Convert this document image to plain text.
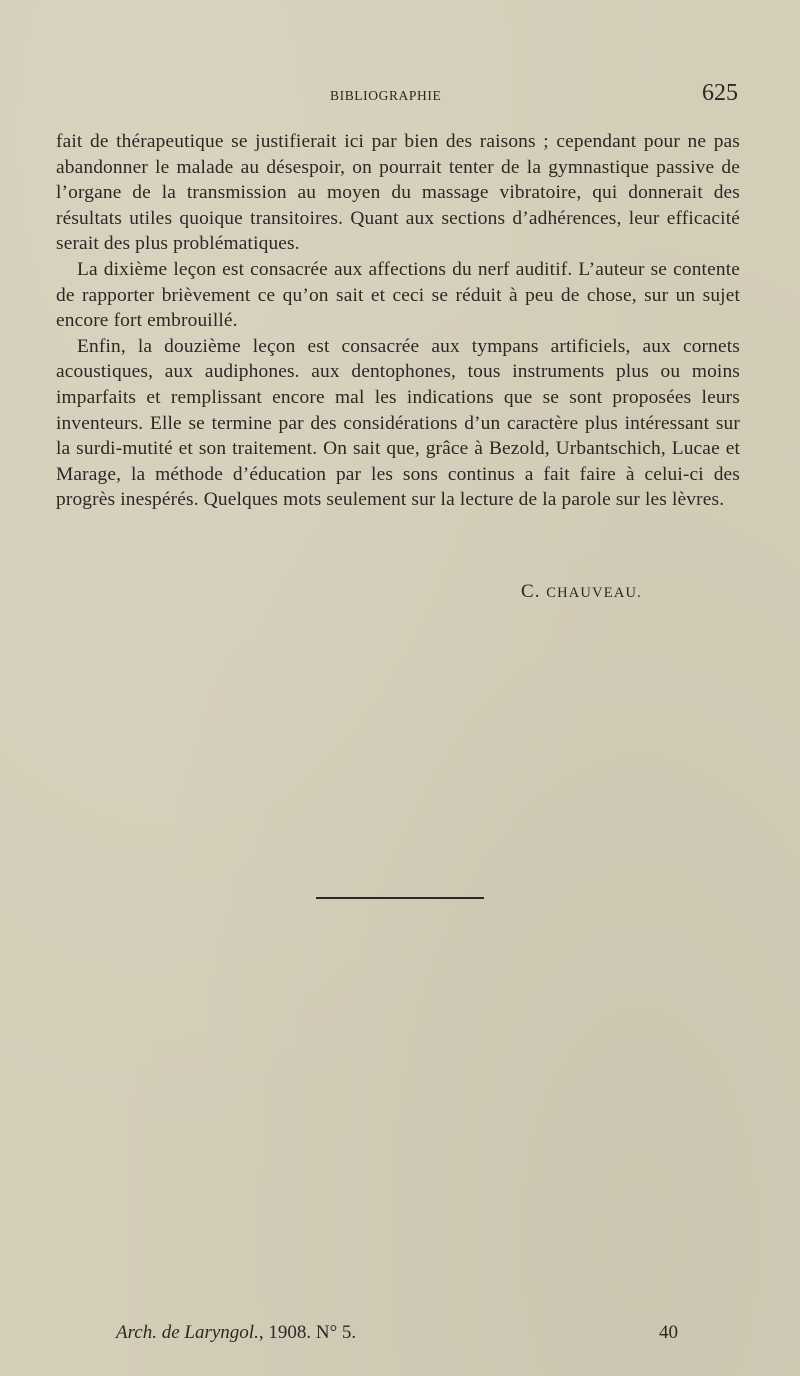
BIBLIOGRAPHIE	625

fait de thérapeutique se justifierait ici par bien des raisons ; cependant pour ne pas abandonner le malade au désespoir, on pourrait tenter de la gymnastique passive de l’organe de la transmission au moyen du massage vibratoire, qui donnerait des résultats utiles quoique transitoires. Quant aux sections d’adhérences, leur efficacité serait des plus problématiques.

La dixième leçon est consacrée aux affections du nerf auditif. L’auteur se contente de rapporter brièvement ce qu’on sait et ceci se réduit à peu de chose, sur un sujet encore fort embrouillé.

Enfin, la douzième leçon est consacrée aux tympans artificiels, aux cornets acoustiques, aux audiphones. aux dentophones, tous instruments plus ou moins imparfaits et remplissant encore mal les indications que se sont proposées leurs inventeurs. Elle se termine par des considérations d’un caractère plus intéressant sur la surdi-mutité et son traitement. On sait que, grâce à Bezold, Urbantschich, Lucae et Marage, la méthode d’éducation par les sons continus a fait faire à celui-ci des progrès inespérés. Quelques mots seulement sur la lecture de la parole sur les lèvres.

C. CHAUVEAU.
Arch. de Laryngol., 1908. N° 5.	40
